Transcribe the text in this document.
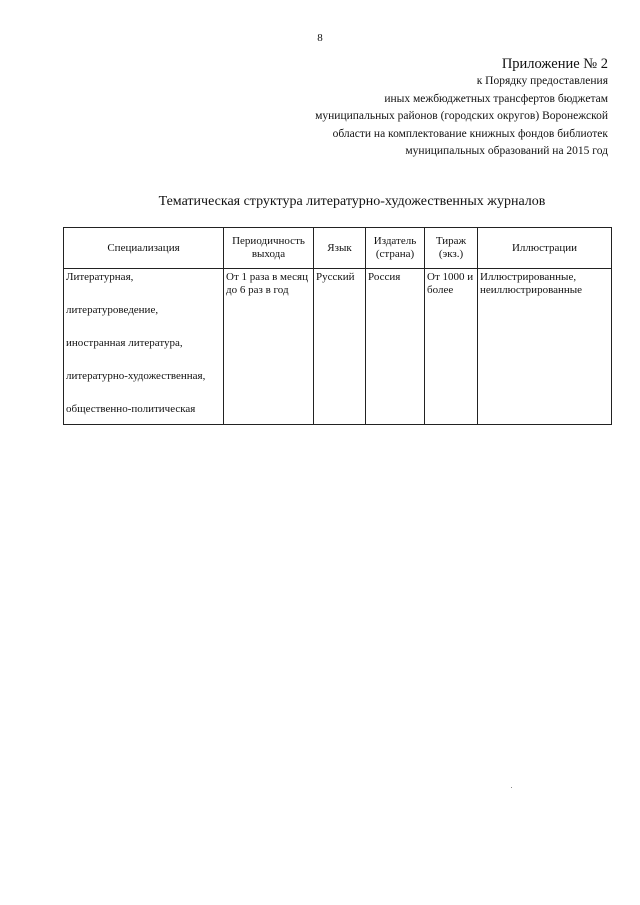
8
Приложение № 2
к Порядку предоставления
иных межбюджетных трансфертов бюджетам
муниципальных районов (городских округов) Воронежской
области на комплектование книжных фондов библиотек
муниципальных образований на 2015 год
Тематическая структура литературно-художественных журналов
Специализация	Периодичность выхода	Язык	Издатель (страна)	Тираж (экз.)	Иллюстрации

Литературная,

литературоведение,

иностранная литература,

литературно-художественная,

общественно-политическая	От 1 раза в месяц до 6 раз в год	Русский	Россия	От 1000 и более	Иллюстрированные, неиллюстрированные
